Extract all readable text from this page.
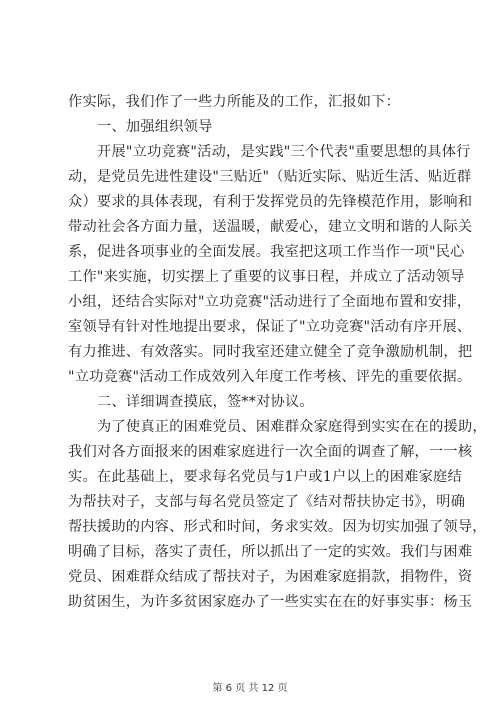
作实际，我们作了一些力所能及的工作，汇报如下：
一、加强组织领导
开展"立功竞赛"活动，是实践"三个代表"重要思想的具体行
动，是党员先进性建设"三贴近"（贴近实际、贴近生活、贴近群
众）要求的具体表现，有利于发挥党员的先锋模范作用，影响和
带动社会各方面力量，送温暖，献爱心，建立文明和谐的人际关
系，促进各项事业的全面发展。我室把这项工作当作一项"民心
工作"来实施，切实摆上了重要的议事日程，并成立了活动领导
小组，还结合实际对"立功竞赛"活动进行了全面地布置和安排，
室领导有针对性地提出要求，保证了"立功竞赛"活动有序开展、
有力推进、有效落实。同时我室还建立健全了竞争激励机制，把
"立功竞赛"活动工作成效列入年度工作考核、评先的重要依据。
二、详细调查摸底，签**对协议。
为了使真正的困难党员、困难群众家庭得到实实在在的援助，
我们对各方面报来的困难家庭进行一次全面的调查了解，一一核
实。在此基础上，要求每名党员与1户或1户以上的困难家庭结
为帮扶对子，支部与每名党员签定了《结对帮扶协定书》，明确
帮扶援助的内容、形式和时间，务求实效。因为切实加强了领导，
明确了目标，落实了责任，所以抓出了一定的实效。我们与困难
党员、困难群众结成了帮扶对子，为困难家庭捐款，捐物件，资
助贫困生，为许多贫困家庭办了一些实实在在的好事实事：杨玉
第 6 页 共 12 页
